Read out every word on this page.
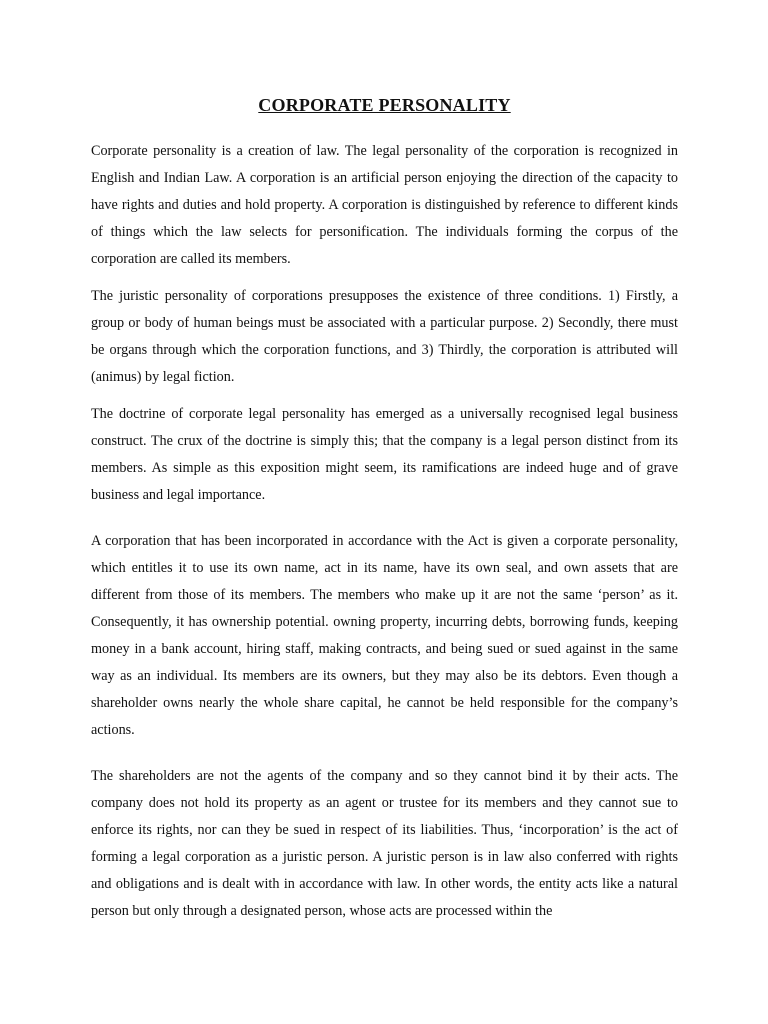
CORPORATE PERSONALITY

Corporate personality is a creation of law. The legal personality of the corporation is recognized in English and Indian Law. A corporation is an artificial person enjoying the direction of the capacity to have rights and duties and hold property. A corporation is distinguished by reference to different kinds of things which the law selects for personification. The individuals forming the corpus of the corporation are called its members.

The juristic personality of corporations presupposes the existence of three conditions. 1) Firstly, a group or body of human beings must be associated with a particular purpose. 2) Secondly, there must be organs through which the corporation functions, and 3) Thirdly, the corporation is attributed will (animus) by legal fiction.

The doctrine of corporate legal personality has emerged as a universally recognised legal business construct. The crux of the doctrine is simply this; that the company is a legal person distinct from its members. As simple as this exposition might seem, its ramifications are indeed huge and of grave business and legal importance.

A corporation that has been incorporated in accordance with the Act is given a corporate personality, which entitles it to use its own name, act in its name, have its own seal, and own assets that are different from those of its members. The members who make up it are not the same ‘person’ as it. Consequently, it has ownership potential. owning property, incurring debts, borrowing funds, keeping money in a bank account, hiring staff, making contracts, and being sued or sued against in the same way as an individual. Its members are its owners, but they may also be its debtors. Even though a shareholder owns nearly the whole share capital, he cannot be held responsible for the company’s actions.

The shareholders are not the agents of the company and so they cannot bind it by their acts. The company does not hold its property as an agent or trustee for its members and they cannot sue to enforce its rights, nor can they be sued in respect of its liabilities. Thus, ‘incorporation’ is the act of forming a legal corporation as a juristic person. A juristic person is in law also conferred with rights and obligations and is dealt with in accordance with law. In other words, the entity acts like a natural person but only through a designated person, whose acts are processed within the
